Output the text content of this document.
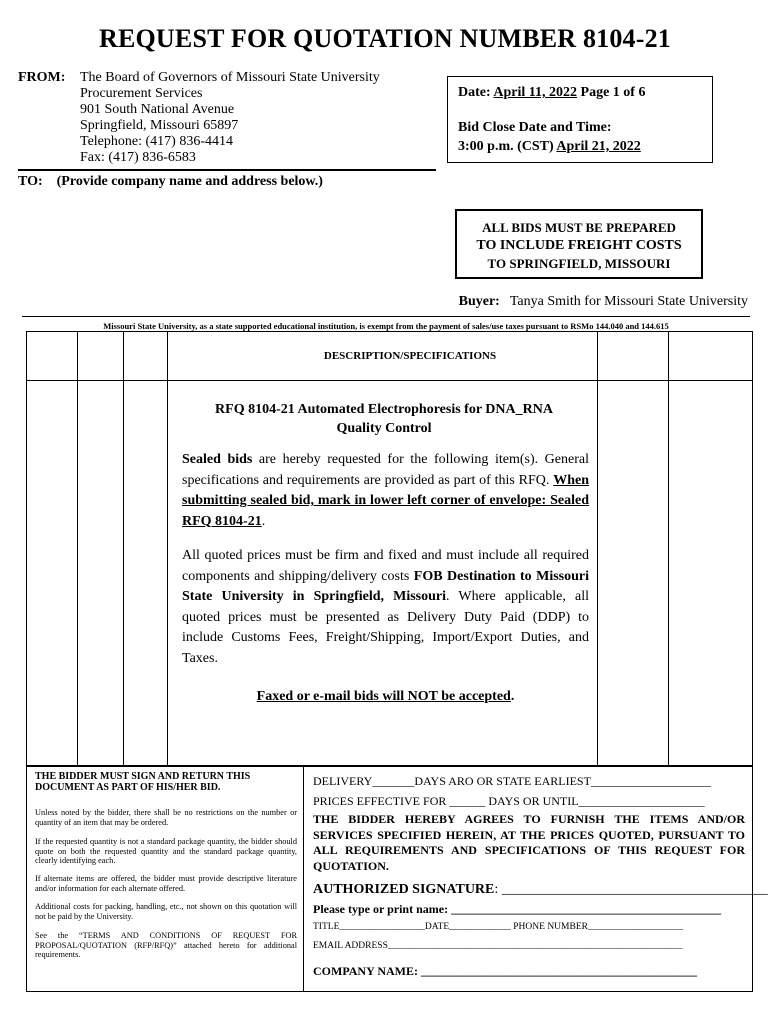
REQUEST FOR QUOTATION NUMBER 8104-21
FROM: The Board of Governors of Missouri State University
Procurement Services
901 South National Avenue
Springfield, Missouri 65897
Telephone: (417) 836-4414
Fax: (417) 836-6583
TO: (Provide company name and address below.)
Date: April 11, 2022 Page 1 of 6
Bid Close Date and Time:
3:00 p.m. (CST) April 21, 2022
ALL BIDS MUST BE PREPARED
TO INCLUDE FREIGHT COSTS
TO SPRINGFIELD, MISSOURI
Buyer: Tanya Smith for Missouri State University
Missouri State University, as a state supported educational institution, is exempt from the payment of sales/use taxes pursuant to RSMo 144.040 and 144.615
DESCRIPTION/SPECIFICATIONS
RFQ 8104-21 Automated Electrophoresis for DNA_RNA
Quality Control
Sealed bids are hereby requested for the following item(s). General specifications and requirements are provided as part of this RFQ. When submitting sealed bid, mark in lower left corner of envelope: Sealed RFQ 8104-21.
All quoted prices must be firm and fixed and must include all required components and shipping/delivery costs FOB Destination to Missouri State University in Springfield, Missouri. Where applicable, all quoted prices must be presented as Delivery Duty Paid (DDP) to include Customs Fees, Freight/Shipping, Import/Export Duties, and Taxes.
Faxed or e-mail bids will NOT be accepted.
THE BIDDER MUST SIGN AND RETURN THIS DOCUMENT AS PART OF HIS/HER BID.
Unless noted by the bidder, there shall be no restrictions on the number or quantity of an item that may be ordered.
If the requested quantity is not a standard package quantity, the bidder should quote on both the requested quantity and the standard package quantity, clearly identifying each.
If alternate items are offered, the bidder must provide descriptive literature and/or information for each alternate offered.
Additional costs for packing, handling, etc., not shown on this quotation will not be paid by the University.
See the “TERMS AND CONDITIONS OF REQUEST FOR PROPOSAL/QUOTATION (RFP/RFQ)” attached hereto for additional requirements.
DELIVERY_______DAYS ARO OR STATE EARLIEST____________________
PRICES EFFECTIVE FOR ______ DAYS OR UNTIL_____________________
THE BIDDER HEREBY AGREES TO FURNISH THE ITEMS AND/OR SERVICES SPECIFIED HEREIN, AT THE PRICES QUOTED, PURSUANT TO ALL REQUIREMENTS AND SPECIFICATIONS OF THIS REQUEST FOR QUOTATION.
AUTHORIZED SIGNATURE: ______________________________________
Please type or print name: _____________________________________________
TITLE__________________DATE_____________ PHONE NUMBER____________________
EMAIL ADDRESS______________________________________________________________
COMPANY NAME: ______________________________________________
